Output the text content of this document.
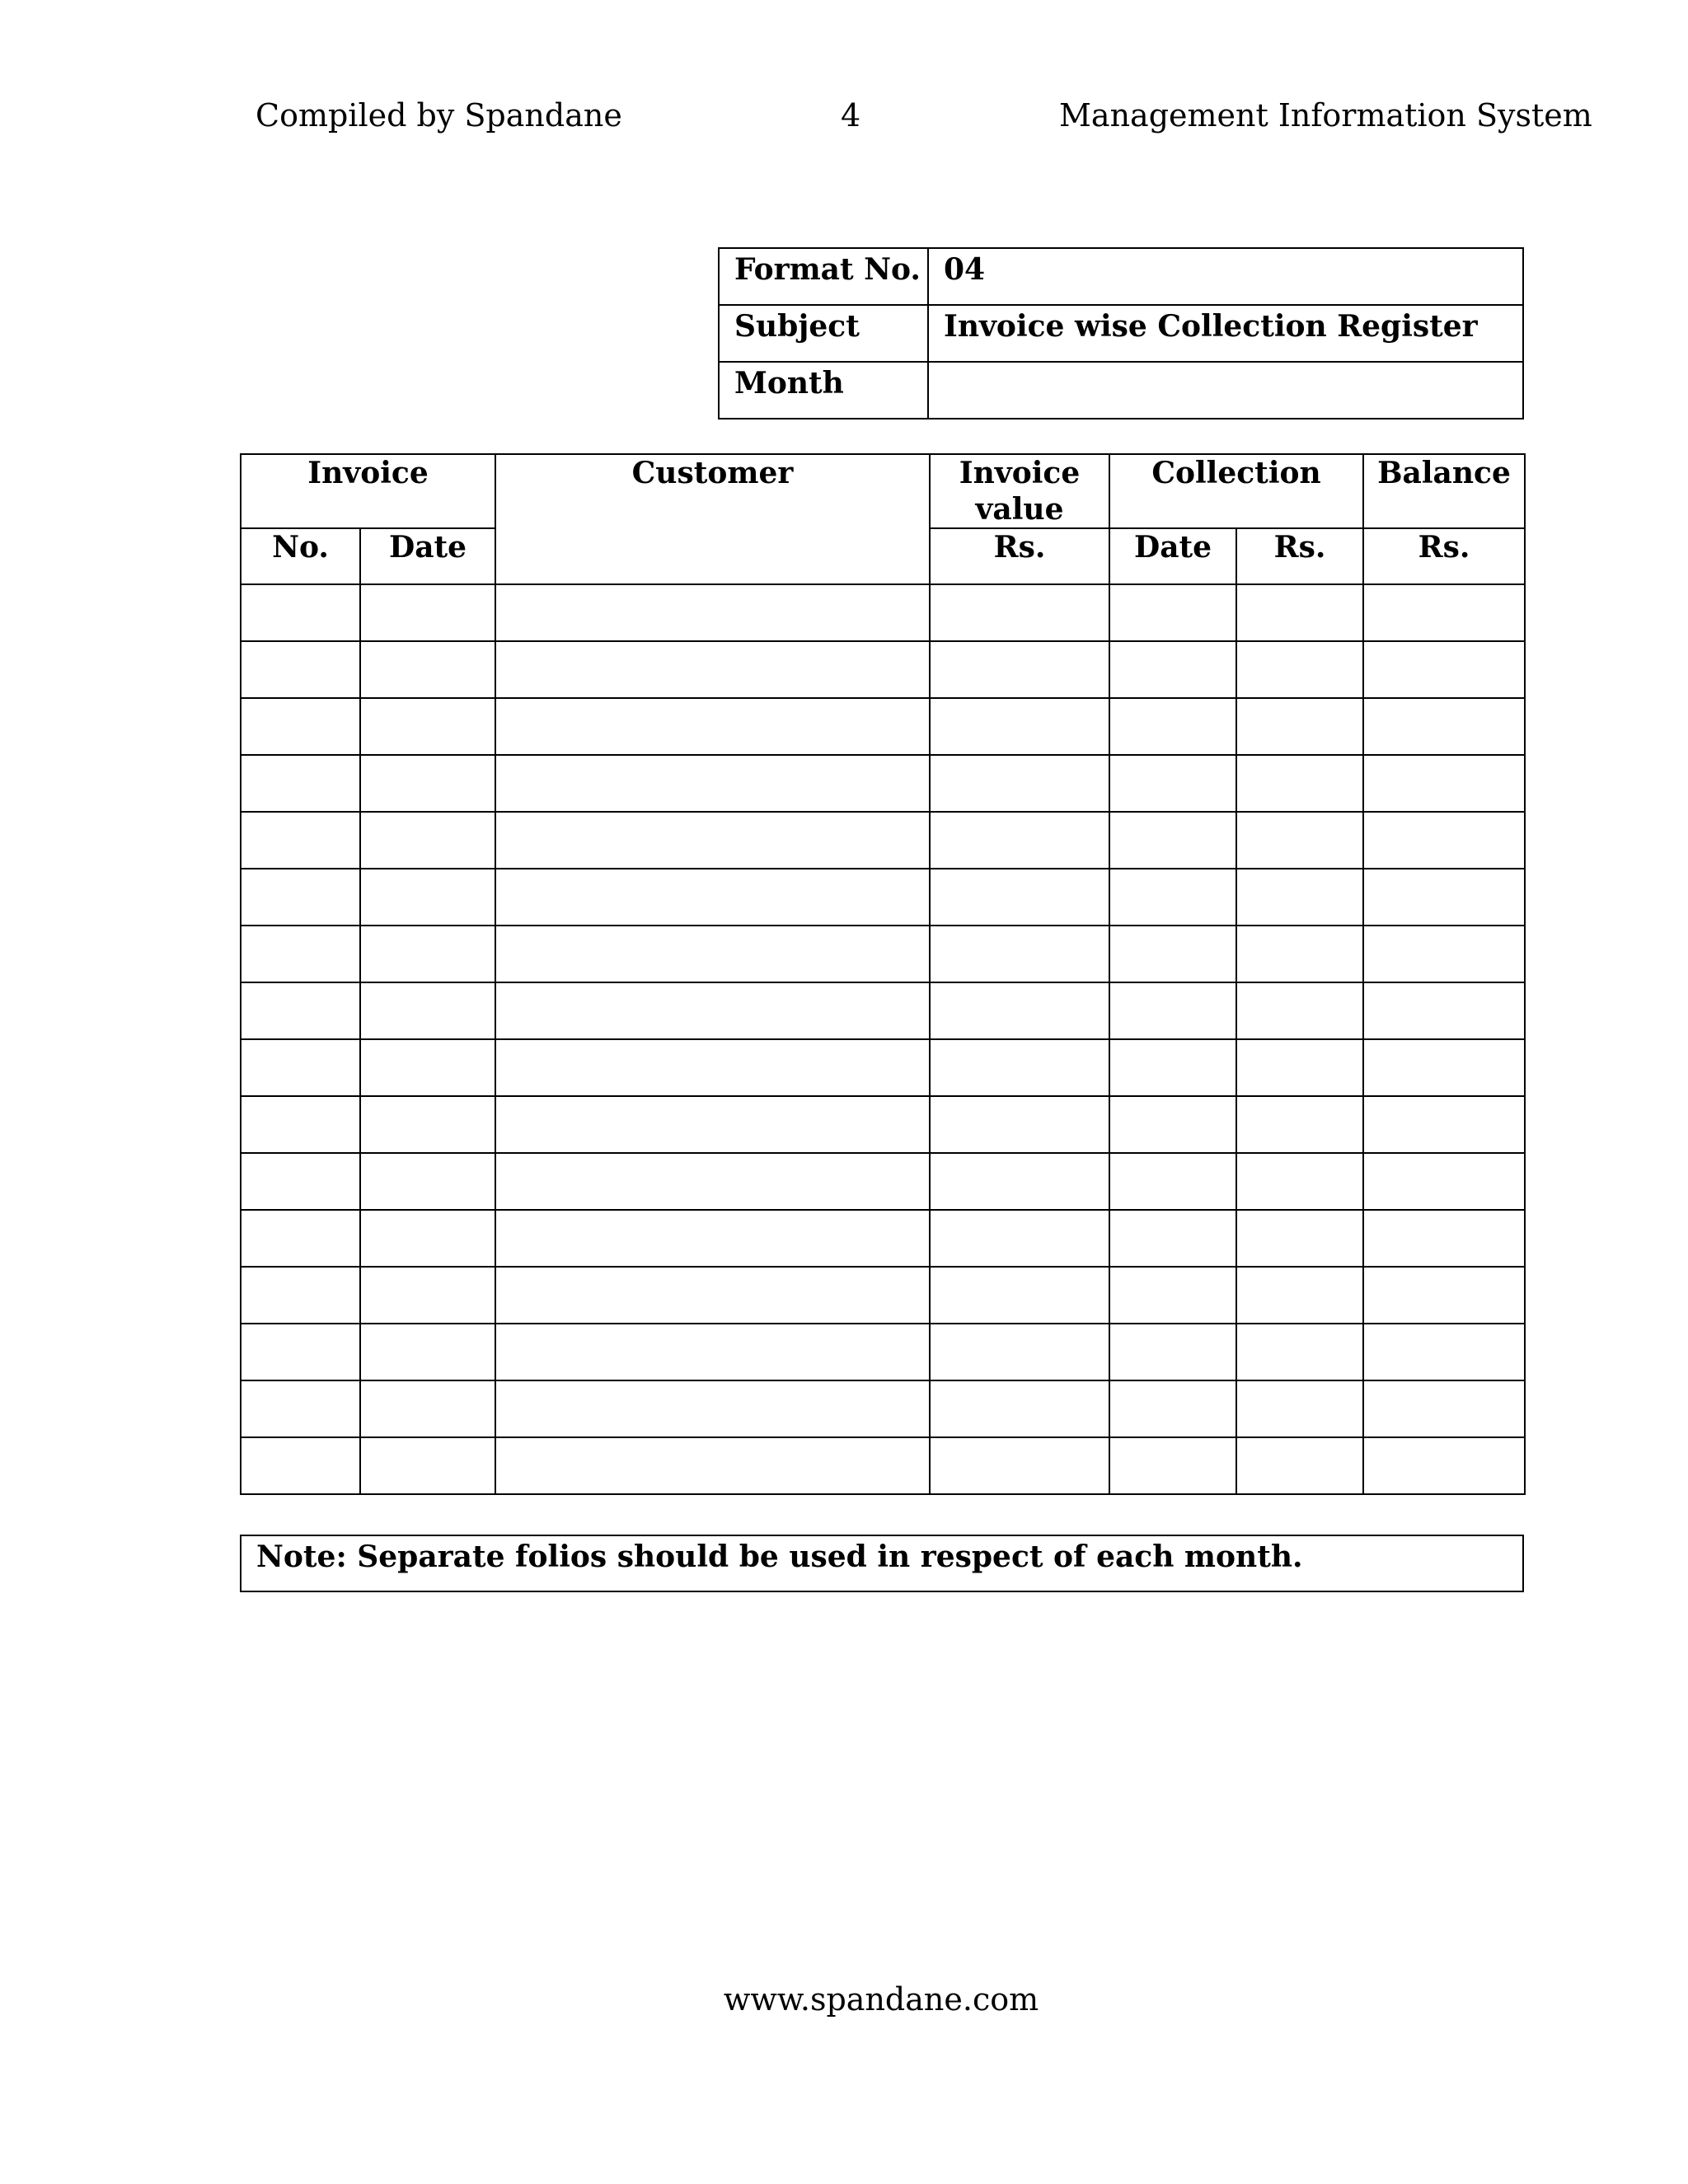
Compiled by Spandane	4	Management Information System
Format No.	04
Subject	Invoice wise Collection Register
Month	
Invoice		Customer	Invoice value	Collection		Balance
No.	Date		Rs.	Date	Rs.	Rs.

Note: Separate folios should be used in respect of each month.
www.spandane.com
